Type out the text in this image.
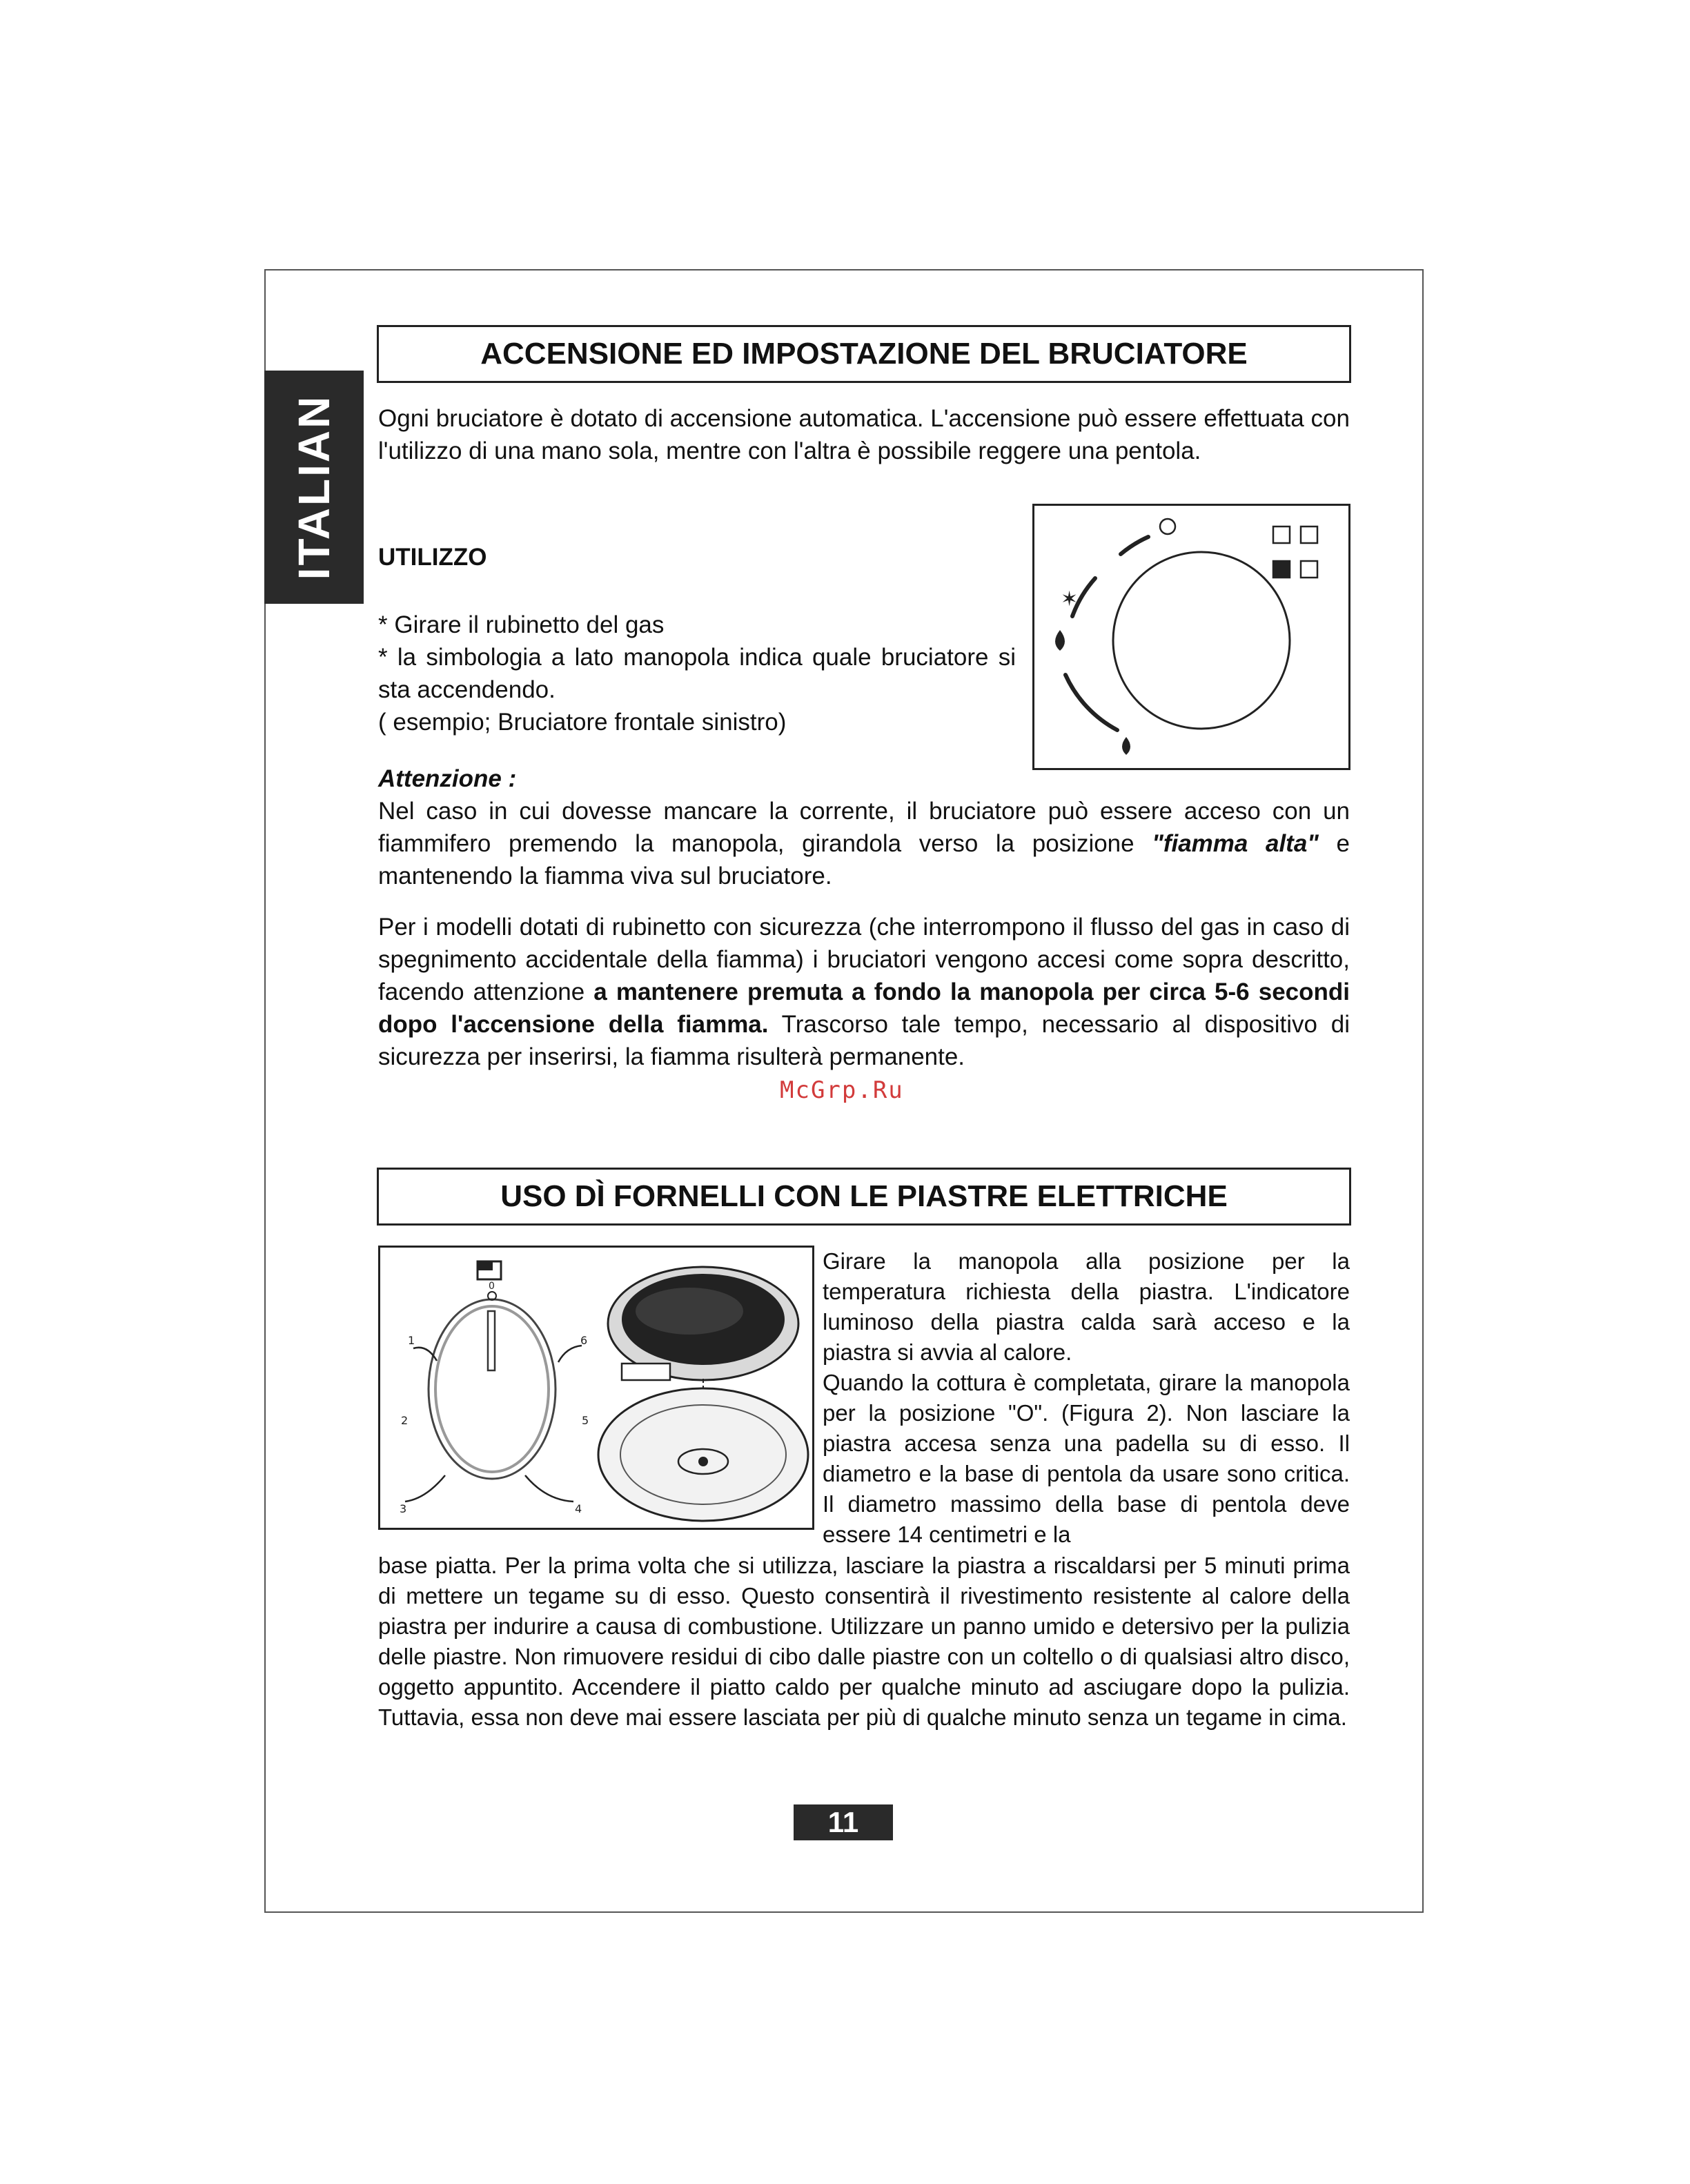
ITALIAN
ACCENSIONE ED IMPOSTAZIONE DEL BRUCIATORE

Ogni bruciatore è dotato di accensione automatica. L'accensione può essere effettuata con l'utilizzo di una mano sola, mentre con l'altra è possibile reggere una pentola.

UTILIZZO

* Girare il rubinetto del gas

* la simbologia a lato manopola indica quale bruciatore si sta accendendo.

( esempio; Bruciatore frontale sinistro)

✶

Attenzione :

Nel caso in cui dovesse mancare la corrente, il bruciatore può essere acceso con un fiammifero premendo la manopola, girandola verso la posizione "fiamma alta" e mantenendo la fiamma viva sul bruciatore.

Per i modelli dotati di rubinetto con sicurezza (che interrompono il flusso del gas in caso di spegnimento accidentale della fiamma) i bruciatori vengono accesi come sopra descritto, facendo attenzione a mantenere premuta a fondo la manopola per circa 5-6 secondi dopo l'accensione della fiamma. Trascorso tale tempo, necessario al dispositivo di sicurezza per inserirsi, la fiamma risulterà permanente.

McGrp.Ru
USO DÌ FORNELLI CON LE PIASTRE ELETTRICHE
2	5
1	6
3	4
0

Girare la manopola alla posizione per la temperatura richiesta della piastra. L'indicatore luminoso della piastra calda sarà acceso e la piastra si avvia al calore.

Quando la cottura è completata, girare la manopola per la posizione "O". (Figura 2). Non lasciare la piastra accesa senza una padella su di esso. Il diametro e la base di pentola da usare sono critica. Il diametro massimo della base di pentola deve essere 14 centimetri e la

base piatta. Per la prima volta che si utilizza, lasciare la piastra a riscaldarsi per 5 minuti prima di mettere un tegame su di esso. Questo consentirà il rivestimento resistente al calore della piastra per indurire a causa di combustione. Utilizzare un panno umido e detersivo per la pulizia delle piastre. Non rimuovere residui di cibo dalle piastre con un coltello o di qualsiasi altro disco, oggetto appuntito. Accendere il piatto caldo per qualche minuto ad asciugare dopo la pulizia. Tuttavia, essa non deve mai essere lasciata per più di qualche minuto senza un tegame in cima.

11
